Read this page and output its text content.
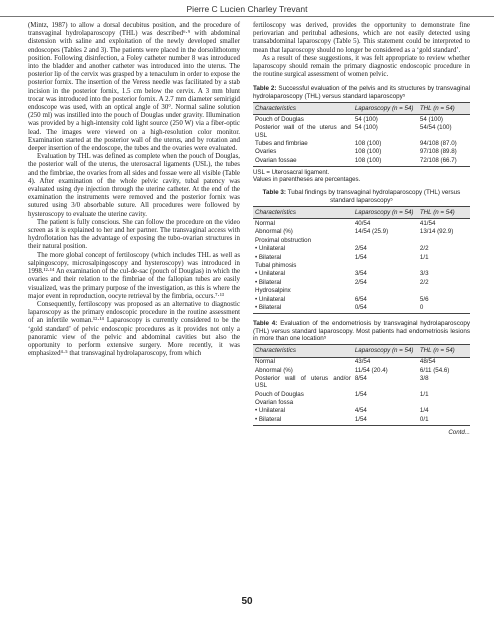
Pierre C Lucien Charley Trevant

(Mintz, 1987) to allow a dorsal decubitus position, and the procedure of transvaginal hydrolaparoscopy (THL) was described⁶·⁹ with abdominal distension with saline and exploitation of the newly developed smaller endoscopes (Tables 2 and 3). The patients were placed in the dorsolithotomy position. Following disinfection, a Foley catheter number 8 was introduced into the bladder and another catheter was introduced into the uterus. The posterior lip of the cervix was grasped by a tenaculum in order to expose the posterior fornix. The insertion of the Veress needle was facilitated by a stab incision in the posterior fornix, 1.5 cm below the cervix. A 3 mm blunt trocar was introduced into the posterior fornix. A 2.7 mm diameter semirigid endoscope was used, with an optical angle of 30°. Normal saline solution (250 ml) was instilled into the pouch of Douglas under gravity. Illumination was provided by a high-intensity cold light source (250 W) via a fiber-optic lead. The images were viewed on a high-resolution color monitor. Examination started at the posterior wall of the uterus, and by rotation and deeper insertion of the endoscope, the tubes and the ovaries were evaluated.

Evaluation by THL was defined as complete when the pouch of Douglas, the posterior wall of the uterus, the uterosacral ligaments (USL), the tubes and the fimbriae, the ovaries from all sides and fossae were all visible (Table 4). After examination of the whole pelvic cavity, tubal patency was evaluated using dye injection through the uterine catheter. At the end of the examination the instruments were removed and the posterior fornix was sutured using 3/0 absorbable suture. All procedures were followed by hysteroscopy to evaluate the uterine cavity.

The patient is fully conscious. She can follow the procedure on the video screen as it is explained to her and her partner. The transvaginal access with hydroflotation has the advantage of exposing the tubo-ovarian structures in their natural position.

The more global concept of fertiloscopy (which includes THL as well as salpingoscopy, microsalpingoscopy and hysteroscopy) was introduced in 1998.¹²·¹⁴ An examination of the cul-de-sac (pouch of Douglas) in which the ovaries and their relation to the fimbriae of the fallopian tubes are easily visualized, was the primary purpose of the investigation, as this is where the major event in reproduction, oocyte retrieval by the fimbria, occurs.⁷·¹³

Consequently, fertiloscopy was proposed as an alternative to diagnostic laparoscopy as the primary endoscopic procedure in the routine assessment of an infertile woman.¹²·¹⁴ Laparoscopy is currently considered to be the ‘gold standard’ of pelvic endoscopic procedures as it provides not only a panoramic view of the pelvic and abdominal cavities but also the opportunity to perform extensive surgery. More recently, it was emphasized⁴·⁵ that transvaginal hydrolaparoscopy, from which

fertiloscopy was derived, provides the opportunity to demonstrate fine periovarian and peritubal adhesions, which are not easily detected using transabdominal laparoscopy (Table 5). This statement could be interpreted to mean that laparoscopy should no longer be considered as a ‘gold standard’.

As a result of these suggestions, it was felt appropriate to review whether laparoscopy should remain the primary diagnostic endoscopic procedure in the routine surgical assessment of women pelvic.

Table 2: Successful evaluation of the pelvis and its structures by transvaginal hydrolaparoscopy (THL) versus standard laparoscopy⁵
Characteristics	Laparoscopy (n = 54)	THL (n = 54)
Pouch of Douglas	54 (100)	54 (100)
Posterior wall of the uterus and USL	54 (100)	54/54 (100)
Tubes and fimbriae	108 (100)	94/108 (87.0)
Ovaries	108 (100)	97/108 (89.8)
Ovarian fossae	108 (100)	72/108 (66.7)
USL = Uterosacral ligament.
Values in parentheses are percentages.
Table 3: Tubal findings by transvaginal hydrolaparoscopy (THL) versus standard laparoscopy⁵
Characteristics	Laparoscopy (n = 54)	THL (n = 54)
Normal	40/54	41/54
Abnormal (%)	14/54 (25.9)	13/14 (92.9)
Proximal obstruction		
• Unilateral	2/54	2/2
• Bilateral	1/54	1/1
Tubal phimosis		
• Unilateral	3/54	3/3
• Bilateral	2/54	2/2
Hydrosalpinx		
• Unilateral	6/54	5/6
• Bilateral	0/54	0
Table 4: Evaluation of the endometriosis by transvaginal hydrolaparoscopy (THL) versus standard laparoscopy. Most patients had endometriosis lesions in more than one location⁵
Characteristics	Laparoscopy (n = 54)	THL (n = 54)
Normal	43/54	48/54
Abnormal (%)	11/54 (20.4)	6/11 (54.6)
Posterior wall of uterus and/or USL	8/54	3/8
Pouch of Douglas	1/54	1/1
Ovarian fossa		
• Unilateral	4/54	1/4
• Bilateral	1/54	0/1
Contd...
50
